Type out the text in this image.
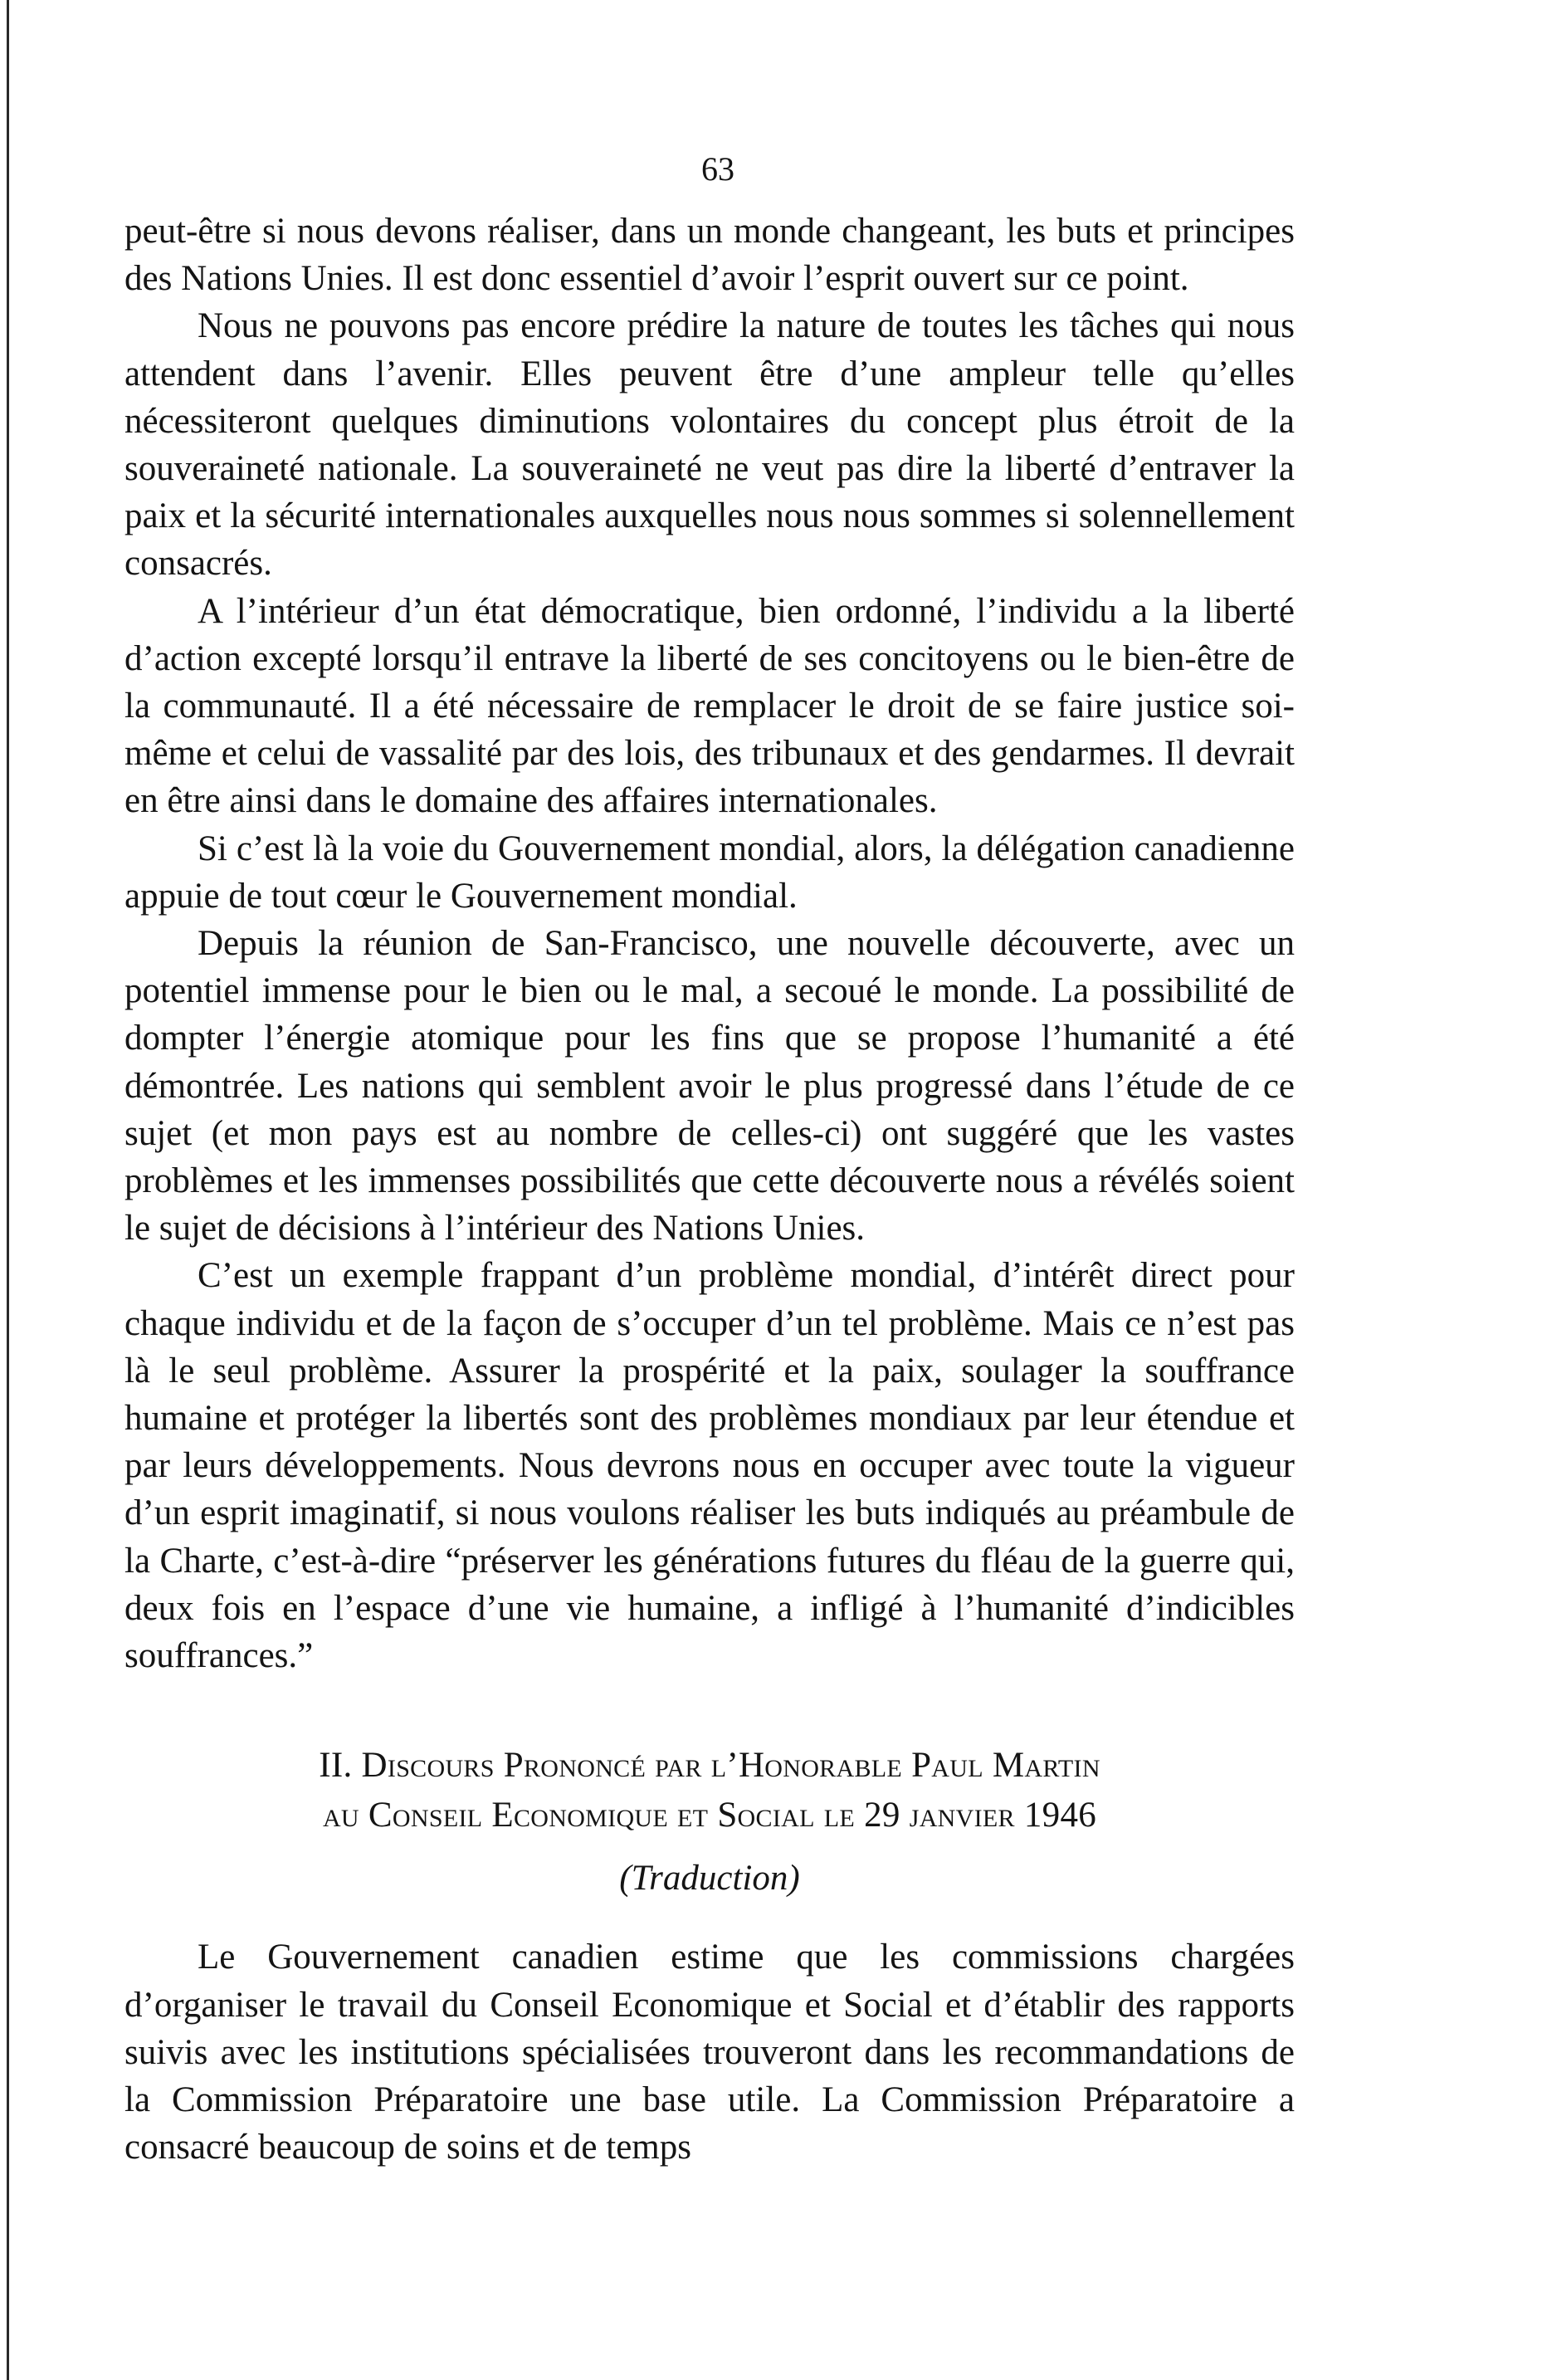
63

peut-être si nous devons réaliser, dans un monde changeant, les buts et principes des Nations Unies. Il est donc essentiel d’avoir l’esprit ouvert sur ce point.

Nous ne pouvons pas encore prédire la nature de toutes les tâches qui nous attendent dans l’avenir. Elles peuvent être d’une ampleur telle qu’elles nécessiteront quelques diminutions volontaires du concept plus étroit de la souveraineté nationale. La souveraineté ne veut pas dire la liberté d’entraver la paix et la sécurité internationales auxquelles nous nous sommes si solennellement consacrés.

A l’intérieur d’un état démocratique, bien ordonné, l’individu a la liberté d’action excepté lorsqu’il entrave la liberté de ses concitoyens ou le bien-être de la communauté. Il a été nécessaire de remplacer le droit de se faire justice soi-même et celui de vassalité par des lois, des tribunaux et des gendarmes. Il devrait en être ainsi dans le domaine des affaires internationales.

Si c’est là la voie du Gouvernement mondial, alors, la délégation canadienne appuie de tout cœur le Gouvernement mondial.

Depuis la réunion de San-Francisco, une nouvelle découverte, avec un potentiel immense pour le bien ou le mal, a secoué le monde. La possibilité de dompter l’énergie atomique pour les fins que se propose l’humanité a été démontrée. Les nations qui semblent avoir le plus progressé dans l’étude de ce sujet (et mon pays est au nombre de celles-ci) ont suggéré que les vastes problèmes et les immenses possibilités que cette découverte nous a révélés soient le sujet de décisions à l’intérieur des Nations Unies.

C’est un exemple frappant d’un problème mondial, d’intérêt direct pour chaque individu et de la façon de s’occuper d’un tel problème. Mais ce n’est pas là le seul problème. Assurer la prospérité et la paix, soulager la souffrance humaine et protéger la libertés sont des problèmes mondiaux par leur étendue et par leurs développements. Nous devrons nous en occuper avec toute la vigueur d’un esprit imaginatif, si nous voulons réaliser les buts indiqués au préambule de la Charte, c’est-à-dire “préserver les générations futures du fléau de la guerre qui, deux fois en l’espace d’une vie humaine, a infligé à l’humanité d’indicibles souffrances.”

II. Discours Prononcé par l’Honorable Paul Martin
au Conseil Economique et Social le 29 janvier 1946
(Traduction)

Le Gouvernement canadien estime que les commissions chargées d’organiser le travail du Conseil Economique et Social et d’établir des rapports suivis avec les institutions spécialisées trouveront dans les recommandations de la Commission Préparatoire une base utile. La Commission Préparatoire a consacré beaucoup de soins et de temps
